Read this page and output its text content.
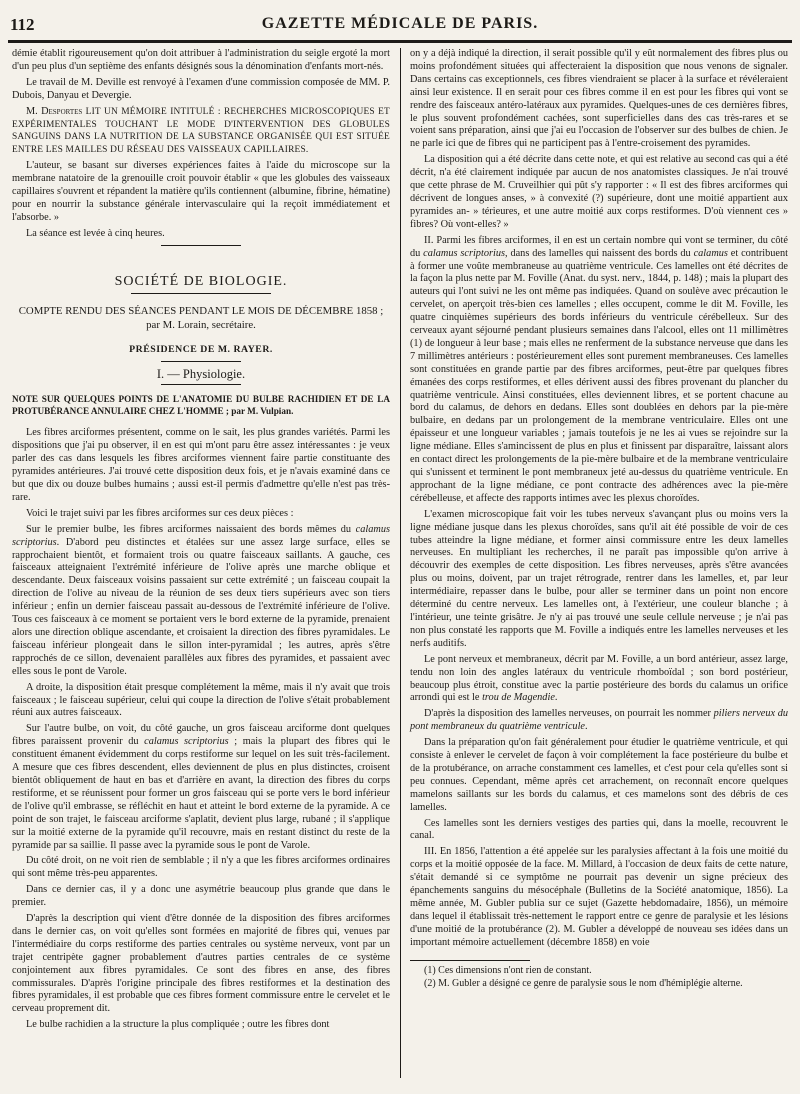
112	GAZETTE MÉDICALE DE PARIS.

démie établit rigoureusement qu'on doit attribuer à l'administration du seigle ergoté la mort d'un peu plus d'un septième des enfants désignés sous la dénomination d'enfants mort-nés.

Le travail de M. Deville est renvoyé à l'examen d'une commission composée de MM. P. Dubois, Danyau et Devergie.

M. Desportes LIT UN MÉMOIRE INTITULÉ : RECHERCHES MICROSCOPIQUES ET EXPÉRIMENTALES TOUCHANT LE MODE D'INTERVENTION DES GLOBULES SANGUINS DANS LA NUTRITION DE LA SUBSTANCE ORGANISÉE QUI EST SITUÉE ENTRE LES MAILLES DU RÉSEAU DES VAISSEAUX CAPILLAIRES.

L'auteur, se basant sur diverses expériences faites à l'aide du microscope sur la membrane natatoire de la grenouille croit pouvoir établir « que les globules des vaisseaux capillaires s'ouvrent et répandent la matière qu'ils contiennent (albumine, fibrine, hématine) pour en nourrir la substance générale intervasculaire qui la reçoit immédiatement et l'absorbe. »

La séance est levée à cinq heures.

SOCIÉTÉ DE BIOLOGIE.
COMPTE RENDU DES SÉANCES PENDANT LE MOIS DE DÉCEMBRE 1858 ;
par M. Lorain, secrétaire.
PRÉSIDENCE DE M. RAYER.
I. — Physiologie.
NOTE SUR QUELQUES POINTS DE L'ANATOMIE DU BULBE RACHIDIEN ET DE LA PROTUBÉRANCE ANNULAIRE CHEZ L'HOMME ; par M. Vulpian.

Les fibres arciformes présentent, comme on le sait, les plus grandes variétés. Parmi les dispositions que j'ai pu observer, il en est qui m'ont paru être assez intéressantes : je veux parler des cas dans lesquels les fibres arciformes viennent faire partie constituante des pyramides antérieures. J'ai trouvé cette disposition deux fois, et je n'avais examiné dans ce but que dix ou douze bulbes humains ; aussi est-il permis d'admettre qu'elle n'est pas très-rare.

Voici le trajet suivi par les fibres arciformes sur ces deux pièces :

Sur le premier bulbe, les fibres arciformes naissaient des bords mêmes du calamus scriptorius. D'abord peu distinctes et étalées sur une assez large surface, elles se rapprochaient bientôt, et formaient trois ou quatre faisceaux saillants. A gauche, ces faisceaux atteignaient l'extrémité inférieure de l'olive après une marche oblique et descendante. Deux faisceaux voisins passaient sur cette extrémité ; un faisceau coupait la direction de l'olive au niveau de la réunion de ses deux tiers supérieurs avec son tiers inférieur ; enfin un dernier faisceau passait au-dessous de l'extrémité inférieure de l'olive. Tous ces faisceaux à ce moment se portaient vers le bord externe de la pyramide, prenaient alors une direction oblique ascendante, et croisaient la direction des fibres pyramidales. Le faisceau inférieur plongeait dans le sillon inter-pyramidal ; les autres, après s'être rapprochés de ce sillon, devenaient parallèles aux fibres des pyramides, et passaient avec elles sous le pont de Varole.

A droite, la disposition était presque complétement la même, mais il n'y avait que trois faisceaux ; le faisceau supérieur, celui qui coupe la direction de l'olive s'était probablement réuni aux autres faisceaux.

Sur l'autre bulbe, on voit, du côté gauche, un gros faisceau arciforme dont quelques fibres paraissent provenir du calamus scriptorius ; mais la plupart des fibres qui le constituent émanent évidemment du corps restiforme sur lequel on les suit très-facilement. A mesure que ces fibres descendent, elles deviennent de plus en plus distinctes, croisent bientôt obliquement de haut en bas et d'arrière en avant, la direction des fibres du corps restiforme, et se réunissent pour former un gros faisceau qui se porte vers le bord inférieur de l'olive qu'il embrasse, se réfléchit en haut et atteint le bord externe de la pyramide. A ce point de son trajet, le faisceau arciforme s'aplatit, devient plus large, rubané ; il s'applique sur la moitié externe de la pyramide qu'il recouvre, mais en restant distinct du reste de la pyramide par sa saillie. Il passe avec la pyramide sous le pont de Varole.

Du côté droit, on ne voit rien de semblable ; il n'y a que les fibres arciformes ordinaires qui sont même très-peu apparentes.

Dans ce dernier cas, il y a donc une asymétrie beaucoup plus grande que dans le premier.

D'après la description qui vient d'être donnée de la disposition des fibres arciformes dans le dernier cas, on voit qu'elles sont formées en majorité de fibres qui, venues par l'intermédiaire du corps restiforme des parties centrales ou système nerveux, vont par un trajet centripète gagner probablement d'autres parties centrales de ce système conjointement aux fibres pyramidales. Ce sont des fibres en anse, des fibres commissurales. D'après l'origine principale des fibres restiformes et la destination des fibres pyramidales, il est probable que ces fibres forment commissure entre le cervelet et le cerveau proprement dit.

Le bulbe rachidien a la structure la plus compliquée ; outre les fibres dont

on y a déjà indiqué la direction, il serait possible qu'il y eût normalement des fibres plus ou moins profondément situées qui affecteraient la disposition que nous venons de signaler. Dans certains cas exceptionnels, ces fibres viendraient se placer à la surface et révéleraient ainsi leur existence. Il en serait pour ces fibres comme il en est pour les fibres qui vont se rendre des faisceaux antéro-latéraux aux pyramides. Quelques-unes de ces dernières fibres, le plus souvent profondément cachées, sont superficielles dans des cas très-rares et se voient sans préparation, ainsi que j'ai eu l'occasion de l'observer sur des bulbes de chien. Je ne parle ici que de fibres qui ne participent pas à l'entre-croisement des pyramides.

La disposition qui a été décrite dans cette note, et qui est relative au second cas qui a été décrit, n'a été clairement indiquée par aucun de nos anatomistes classiques. Je n'ai trouvé que cette phrase de M. Cruveilhier qui pût s'y rapporter : « Il est des fibres arciformes qui décrivent de longues anses, » à convexité (?) supérieure, dont une moitié appartient aux pyramides an- » térieures, et une autre moitié aux corps restiformes. D'où viennent ces » fibres? Où vont-elles? »

II. Parmi les fibres arciformes, il en est un certain nombre qui vont se terminer, du côté du calamus scriptorius, dans des lamelles qui naissent des bords du calamus et contribuent à former une voûte membraneuse au quatrième ventricule. Ces lamelles ont été décrites de la façon la plus nette par M. Foville (Anat. du syst. nerv., 1844, p. 148) ; mais la plupart des auteurs qui l'ont suivi ne les ont même pas indiquées. Quand on soulève avec précaution le cervelet, on aperçoit très-bien ces lamelles ; elles occupent, comme le dit M. Foville, les quatre cinquièmes supérieurs des bords inférieurs du ventricule cérébelleux. Sur des cerveaux ayant séjourné pendant plusieurs semaines dans l'alcool, elles ont 11 millimètres (1) de longueur à leur base ; mais elles ne renferment de la substance nerveuse que dans les 7 millimètres antérieurs : postérieurement elles sont purement membraneuses. Ces lamelles sont constituées en grande partie par des fibres arciformes, peut-être par quelques fibres émanées des corps restiformes, et elles dérivent aussi des fibres provenant du plancher du quatrième ventricule. Ainsi constituées, elles deviennent libres, et se portent chacune au bord du calamus, de dehors en dedans. Elles sont doublées en dehors par la pie-mère bulbaire, en dedans par un prolongement de la membrane ventriculaire. Elles ont une épaisseur et une longueur variables ; jamais toutefois je ne les ai vues se rejoindre sur la ligne médiane. Elles s'amincissent de plus en plus et finissent par disparaître, laissant alors en contact direct les prolongements de la pie-mère bulbaire et de la membrane ventriculaire qui s'unissent et terminent le pont membraneux jeté au-dessus du quatrième ventricule. En approchant de la ligne médiane, ce pont contracte des adhérences avec la pie-mère cérébelleuse, et affecte des rapports intimes avec les plexus choroïdes.

L'examen microscopique fait voir les tubes nerveux s'avançant plus ou moins vers la ligne médiane jusque dans les plexus choroïdes, sans qu'il ait été possible de voir de ces tubes atteindre la ligne médiane, et former ainsi commissure entre les deux lamelles nerveuses. En multipliant les recherches, il ne paraît pas impossible qu'on arrive à découvrir des exemples de cette disposition. Les fibres nerveuses, après s'être avancées plus ou moins, doivent, par un trajet rétrograde, rentrer dans les lamelles, et, par leur intermédiaire, repasser dans le bulbe, pour aller se terminer dans un point non encore déterminé du centre nerveux. Les lamelles ont, à l'extérieur, une couleur blanche ; à l'intérieur, une teinte grisâtre. Je n'y ai pas trouvé une seule cellule nerveuse ; je n'ai pas non plus constaté les rapports que M. Foville a indiqués entre les lamelles nerveuses et les nerfs auditifs.

Le pont nerveux et membraneux, décrit par M. Foville, a un bord antérieur, assez large, tendu non loin des angles latéraux du ventricule rhomboïdal ; son bord postérieur, beaucoup plus étroit, constitue avec la partie postérieure des bords du calamus un orifice arrondi qui est le trou de Magendie.

D'après la disposition des lamelles nerveuses, on pourrait les nommer piliers nerveux du pont membraneux du quatrième ventricule.

Dans la préparation qu'on fait généralement pour étudier le quatrième ventricule, et qui consiste à enlever le cervelet de façon à voir complétement la face postérieure du bulbe et de la protubérance, on arrache constamment ces lamelles, et c'est pour cela qu'elles sont si peu connues. Cependant, même après cet arrachement, on reconnaît encore quelques mamelons saillants sur les bords du calamus, et ces mamelons sont des débris de ces lamelles.

Ces lamelles sont les derniers vestiges des parties qui, dans la moelle, recouvrent le canal.

III. En 1856, l'attention a été appelée sur les paralysies affectant à la fois une moitié du corps et la moitié opposée de la face. M. Millard, à l'occasion de deux faits de cette nature, s'était demandé si ce symptôme ne pourrait pas devenir un signe précieux des épanchements sanguins du mésocéphale (Bulletins de la Société anatomique, 1856). La même année, M. Gubler publia sur ce sujet (Gazette hebdomadaire, 1856), un mémoire dans lequel il établissait très-nettement le rapport entre ce genre de paralysie et les lésions d'une moitié de la protubérance (2). M. Gubler a développé de nouveau ses idées dans un important mémoire actuellement (décembre 1858) en voie

(1) Ces dimensions n'ont rien de constant.

(2) M. Gubler a désigné ce genre de paralysie sous le nom d'hémiplégie alterne.
